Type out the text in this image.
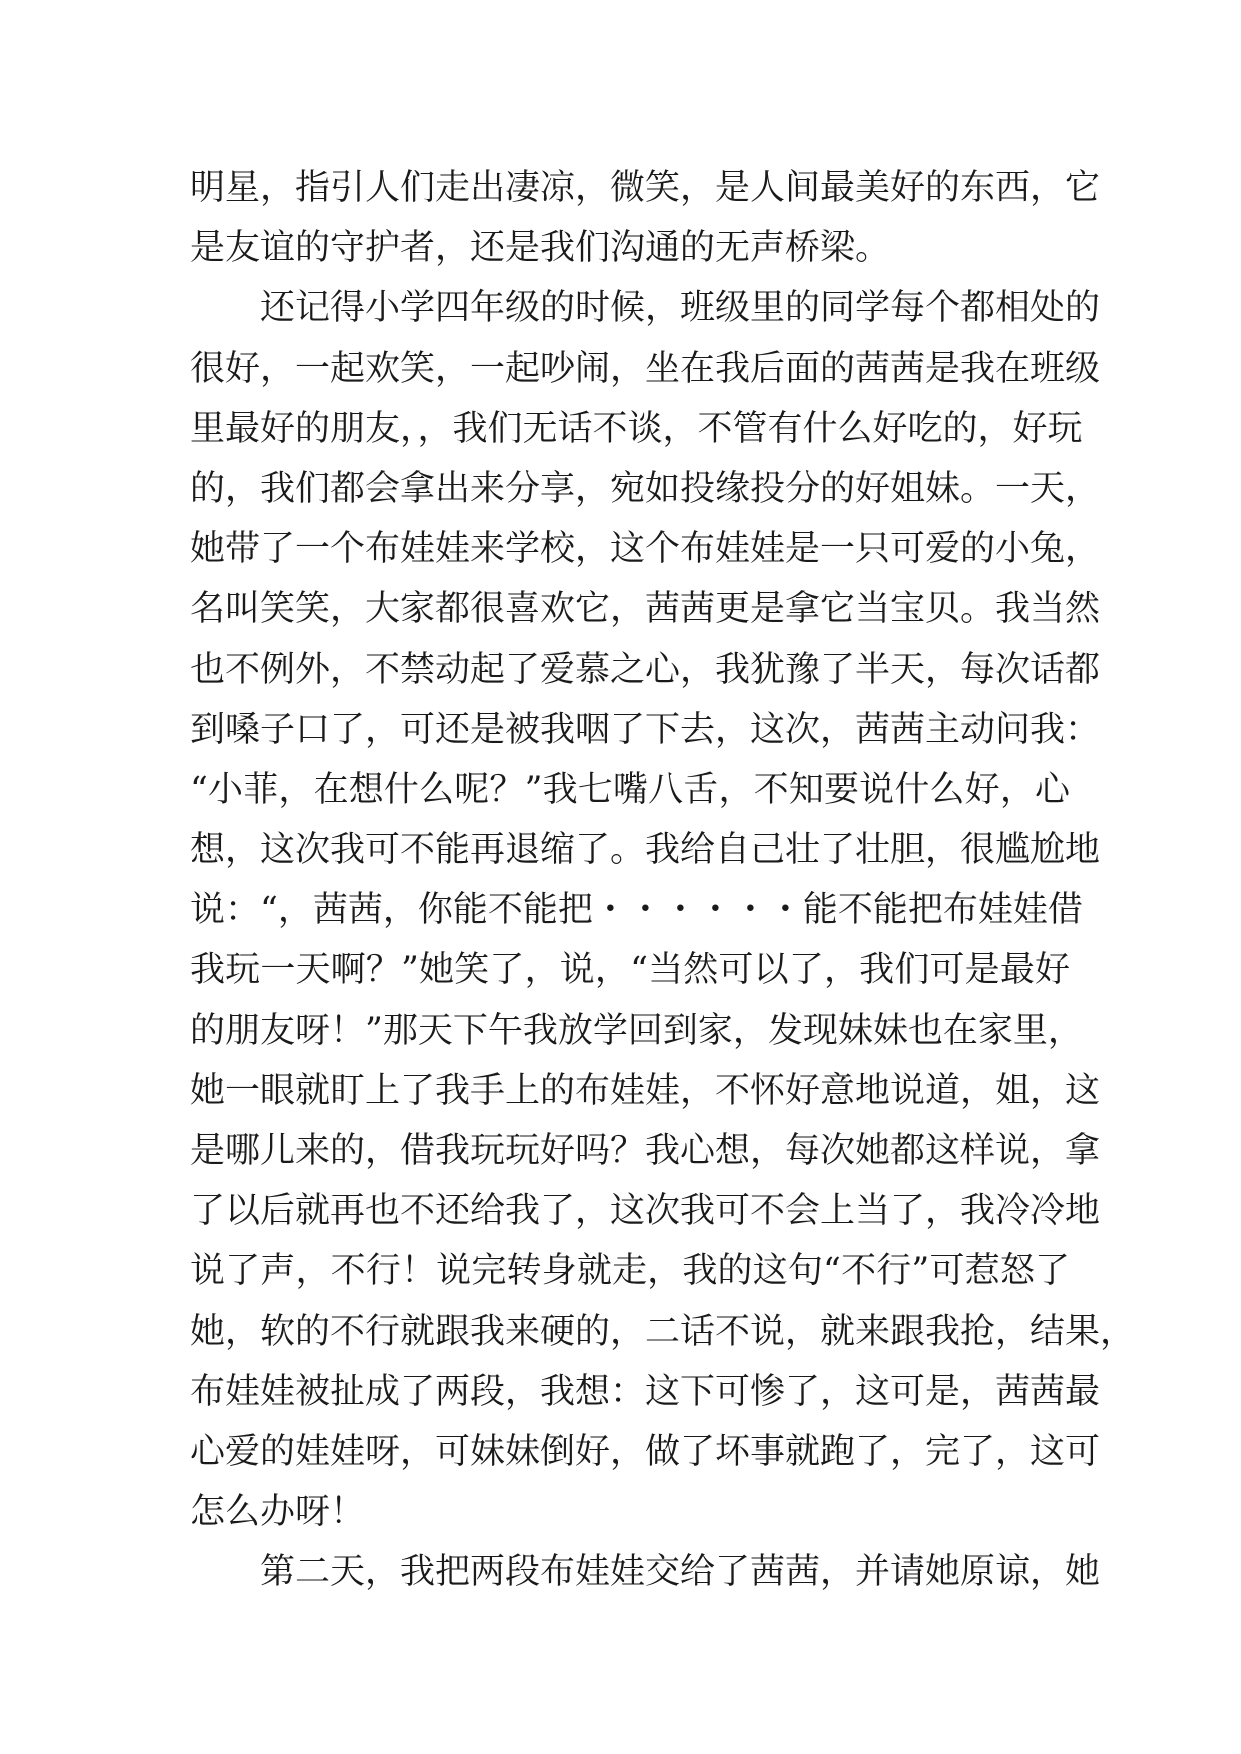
明星，指引人们走出凄凉，微笑，是人间最美好的东西，它
是友谊的守护者，还是我们沟通的无声桥梁。
还记得小学四年级的时候，班级里的同学每个都相处的
很好，一起欢笑，一起吵闹，坐在我后面的茜茜是我在班级
里最好的朋友，，我们无话不谈，不管有什么好吃的，好玩
的，我们都会拿出来分享，宛如投缘投分的好姐妹。一天，
她带了一个布娃娃来学校，这个布娃娃是一只可爱的小兔，
名叫笑笑，大家都很喜欢它，茜茜更是拿它当宝贝。我当然
也不例外，不禁动起了爱慕之心，我犹豫了半天，每次话都
到嗓子口了，可还是被我咽了下去，这次，茜茜主动问我：
“小菲，在想什么呢？”我七嘴八舌，不知要说什么好，心
想，这次我可不能再退缩了。我给自己壮了壮胆，很尴尬地
说：“，茜茜，你能不能把・・・・・・能不能把布娃娃借
我玩一天啊？”她笑了，说，“当然可以了，我们可是最好
的朋友呀！”那天下午我放学回到家，发现妹妹也在家里，
她一眼就盯上了我手上的布娃娃，不怀好意地说道，姐，这
是哪儿来的，借我玩玩好吗？我心想，每次她都这样说，拿
了以后就再也不还给我了，这次我可不会上当了，我冷冷地
说了声，不行！说完转身就走，我的这句“不行”可惹怒了
她，软的不行就跟我来硬的，二话不说，就来跟我抢，结果，
布娃娃被扯成了两段，我想：这下可惨了，这可是，茜茜最
心爱的娃娃呀，可妹妹倒好，做了坏事就跑了，完了，这可
怎么办呀！
第二天，我把两段布娃娃交给了茜茜，并请她原谅，她
